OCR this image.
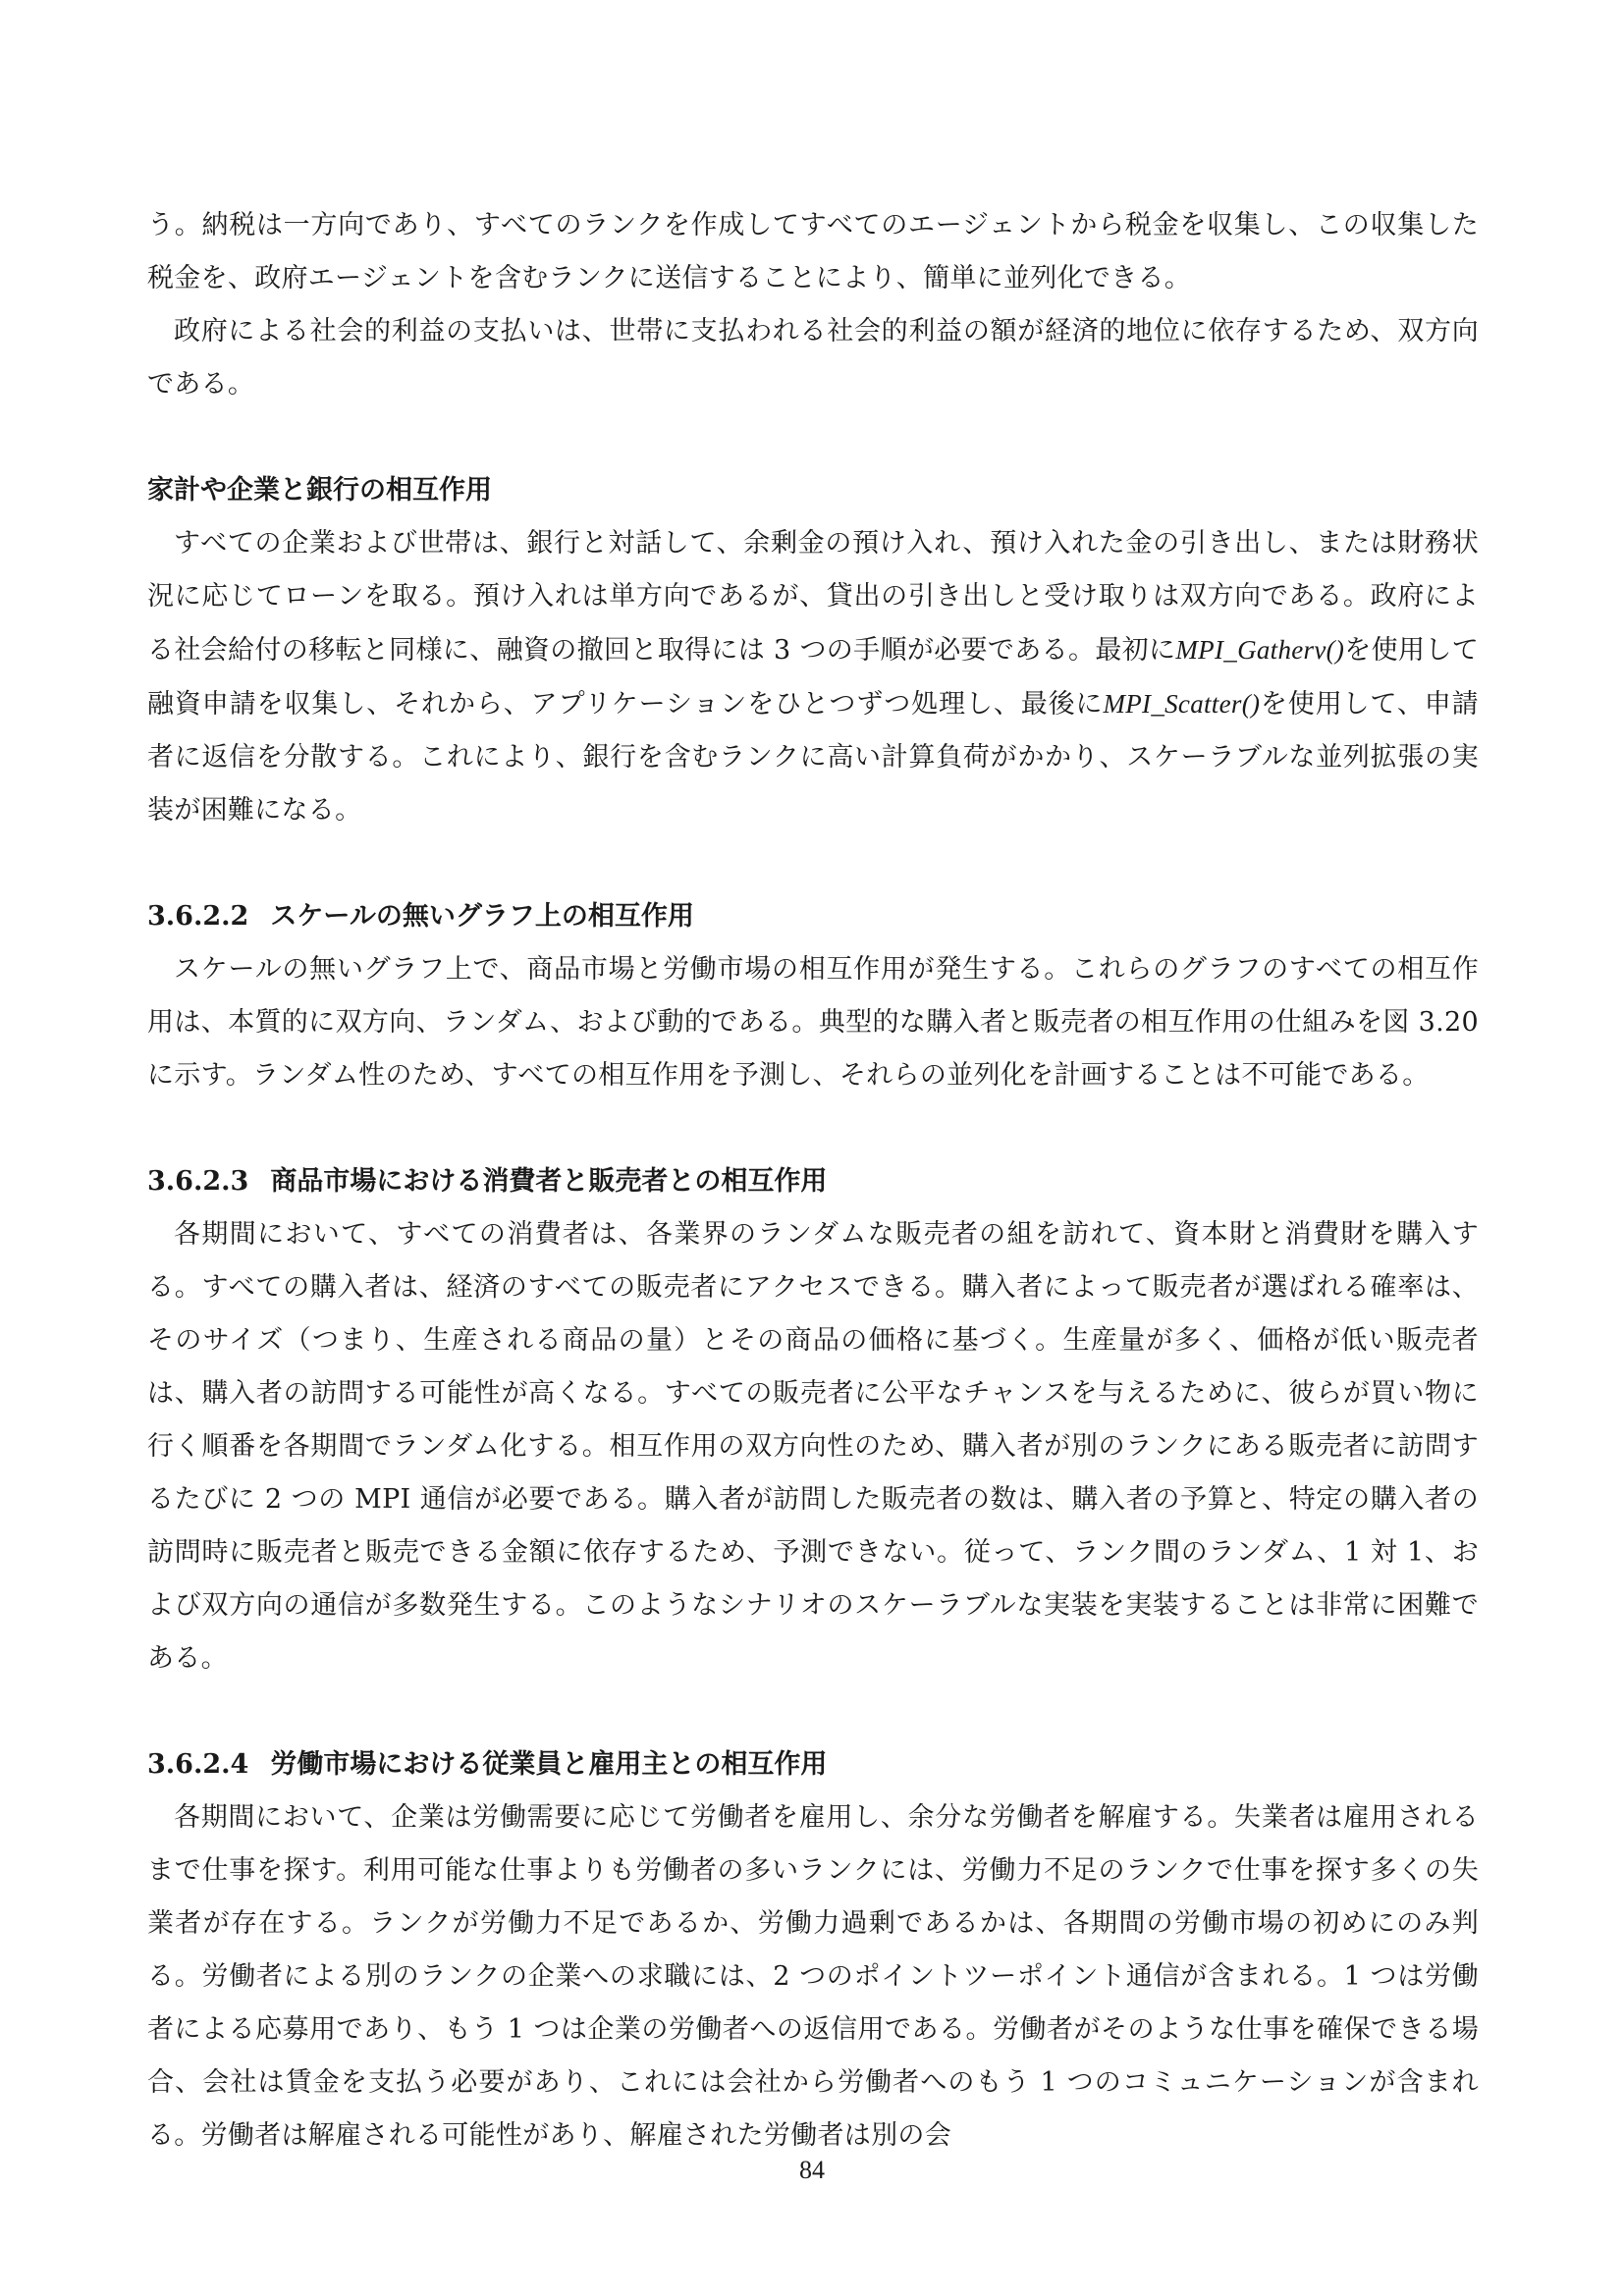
う。納税は一方向であり、すべてのランクを作成してすべてのエージェントから税金を収集し、この収集した税金を、政府エージェントを含むランクに送信することにより、簡単に並列化できる。

政府による社会的利益の支払いは、世帯に支払われる社会的利益の額が経済的地位に依存するため、双方向である。

家計や企業と銀行の相互作用

すべての企業および世帯は、銀行と対話して、余剰金の預け入れ、預け入れた金の引き出し、または財務状況に応じてローンを取る。預け入れは単方向であるが、貸出の引き出しと受け取りは双方向である。政府による社会給付の移転と同様に、融資の撤回と取得には 3 つの手順が必要である。最初にMPI_Gatherv()を使用して融資申請を収集し、それから、アプリケーションをひとつずつ処理し、最後にMPI_Scatter()を使用して、申請者に返信を分散する。これにより、銀行を含むランクに高い計算負荷がかかり、スケーラブルな並列拡張の実装が困難になる。

3.6.2.2 スケールの無いグラフ上の相互作用

スケールの無いグラフ上で、商品市場と労働市場の相互作用が発生する。これらのグラフのすべての相互作用は、本質的に双方向、ランダム、および動的である。典型的な購入者と販売者の相互作用の仕組みを図 3.20 に示す。ランダム性のため、すべての相互作用を予測し、それらの並列化を計画することは不可能である。

3.6.2.3 商品市場における消費者と販売者との相互作用

各期間において、すべての消費者は、各業界のランダムな販売者の組を訪れて、資本財と消費財を購入する。すべての購入者は、経済のすべての販売者にアクセスできる。購入者によって販売者が選ばれる確率は、そのサイズ（つまり、生産される商品の量）とその商品の価格に基づく。生産量が多く、価格が低い販売者は、購入者の訪問する可能性が高くなる。すべての販売者に公平なチャンスを与えるために、彼らが買い物に行く順番を各期間でランダム化する。相互作用の双方向性のため、購入者が別のランクにある販売者に訪問するたびに 2 つの MPI 通信が必要である。購入者が訪問した販売者の数は、購入者の予算と、特定の購入者の訪問時に販売者と販売できる金額に依存するため、予測できない。従って、ランク間のランダム、1 対 1、および双方向の通信が多数発生する。このようなシナリオのスケーラブルな実装を実装することは非常に困難である。

3.6.2.4 労働市場における従業員と雇用主との相互作用

各期間において、企業は労働需要に応じて労働者を雇用し、余分な労働者を解雇する。失業者は雇用されるまで仕事を探す。利用可能な仕事よりも労働者の多いランクには、労働力不足のランクで仕事を探す多くの失業者が存在する。ランクが労働力不足であるか、労働力過剰であるかは、各期間の労働市場の初めにのみ判る。労働者による別のランクの企業への求職には、2 つのポイントツーポイント通信が含まれる。1 つは労働者による応募用であり、もう 1 つは企業の労働者への返信用である。労働者がそのような仕事を確保できる場合、会社は賃金を支払う必要があり、これには会社から労働者へのもう 1 つのコミュニケーションが含まれる。労働者は解雇される可能性があり、解雇された労働者は別の会

84
